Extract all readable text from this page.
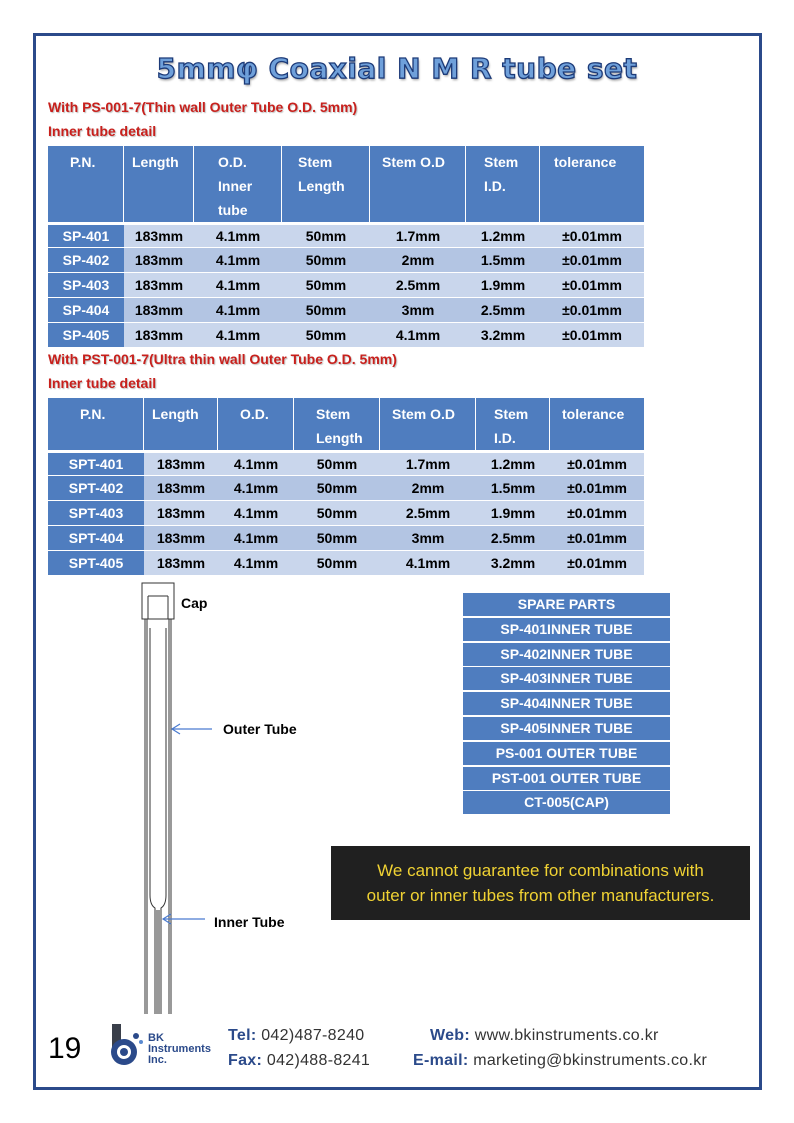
5mmφ Coaxial N M R tube set
With PS-001-7(Thin wall Outer Tube O.D. 5mm)
Inner tube detail
P.N.	Length	O.D. Inner tube	Stem Length	Stem O.D	Stem I.D.	tolerance
SP-401	183mm	4.1mm	50mm	1.7mm	1.2mm	±0.01mm
SP-402	183mm	4.1mm	50mm	2mm	1.5mm	±0.01mm
SP-403	183mm	4.1mm	50mm	2.5mm	1.9mm	±0.01mm
SP-404	183mm	4.1mm	50mm	3mm	2.5mm	±0.01mm
SP-405	183mm	4.1mm	50mm	4.1mm	3.2mm	±0.01mm
With PST-001-7(Ultra thin wall Outer Tube O.D. 5mm)
Inner tube detail
P.N.	Length	O.D.	Stem Length	Stem O.D	Stem I.D.	tolerance
SPT-401	183mm	4.1mm	50mm	1.7mm	1.2mm	±0.01mm
SPT-402	183mm	4.1mm	50mm	2mm	1.5mm	±0.01mm
SPT-403	183mm	4.1mm	50mm	2.5mm	1.9mm	±0.01mm
SPT-404	183mm	4.1mm	50mm	3mm	2.5mm	±0.01mm
SPT-405	183mm	4.1mm	50mm	4.1mm	3.2mm	±0.01mm
Cap
Outer Tube
Inner Tube
SPARE PARTS
SP-401INNER TUBE
SP-402INNER TUBE
SP-403INNER TUBE
SP-404INNER TUBE
SP-405INNER TUBE
PS-001 OUTER TUBE
PST-001 OUTER TUBE
CT-005(CAP)
We cannot guarantee for combinations with
outer or inner tubes from other manufacturers.
19	b BK
Instruments
Inc.
Tel: 042)487-8240
Fax: 042)488-8241
Web: www.bkinstruments.co.kr
E-mail: marketing@bkinstruments.co.kr
